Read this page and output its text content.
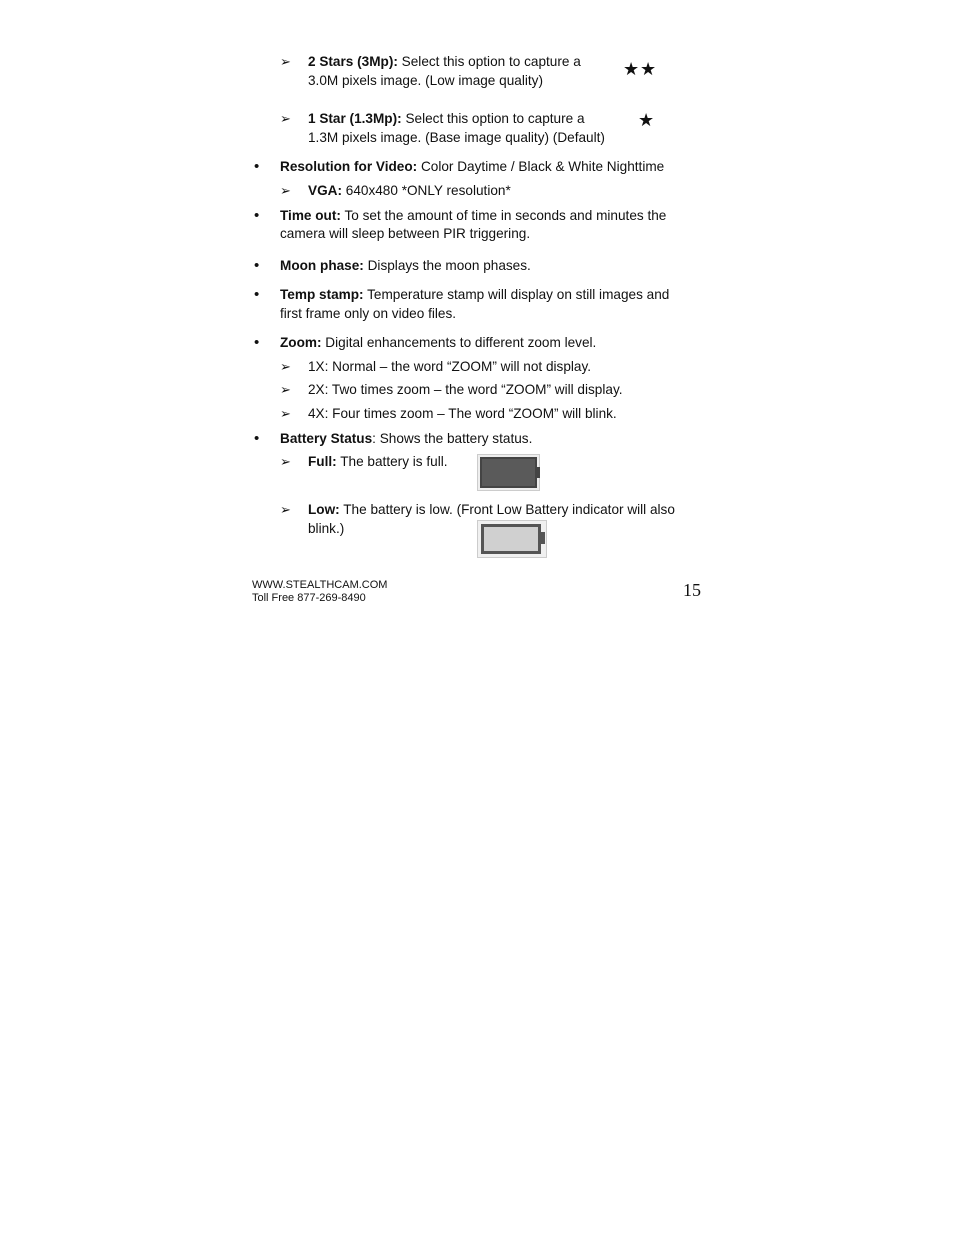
➢ 2 Stars (3Mp): Select this option to capture a
3.0M pixels image. (Low image quality)
★ ★
➢ 1 Star (1.3Mp): Select this option to capture a
1.3M pixels image. (Base image quality) (Default)
★
• Resolution for Video: Color Daytime / Black & White Nighttime
➢ VGA: 640x480 *ONLY resolution*
• Time out: To set the amount of time in seconds and minutes the
camera will sleep between PIR triggering.
• Moon phase: Displays the moon phases.
• Temp stamp: Temperature stamp will display on still images and
first frame only on video files.
• Zoom: Digital enhancements to different zoom level.
➢ 1X: Normal – the word “ZOOM” will not display.
➢ 2X: Two times zoom – the word “ZOOM” will display.
➢ 4X: Four times zoom – The word “ZOOM” will blink.
• Battery Status: Shows the battery status.
➢ Full: The battery is full.
➢ Low: The battery is low. (Front Low Battery indicator will also
blink.)
WWW.STEALTHCAM.COM
Toll Free 877-269-8490	15
